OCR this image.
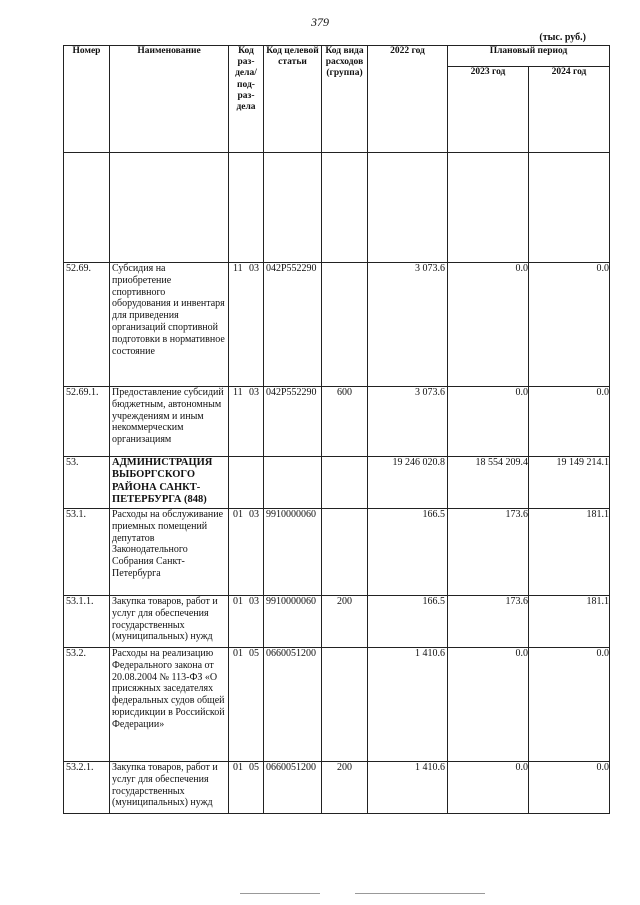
379
(тыс. руб.)
Номер	Наименование	Код раз-дела/ под-раз-дела	Код целевой статьи	Код вида расходов (группа)	2022 год	Плановый период	
						2023 год	2024 год

52.69.	Субсидия на приобретение спортивного оборудования и инвентаря для приведения организаций спортивной подготовки в нормативное состояние	11 03	042P552290		3 073.6	0.0	0.0
52.69.1.	Предоставление субсидий бюджетным, автономным учреждениям и иным некоммерческим организациям	11 03	042P552290	600	3 073.6	0.0	0.0
53.	АДМИНИСТРАЦИЯ ВЫБОРГСКОГО РАЙОНА САНКТ-ПЕТЕРБУРГА (848)				19 246 020.8	18 554 209.4	19 149 214.1
53.1.	Расходы на обслуживание приемных помещений депутатов Законодательного Собрания Санкт-Петербурга	01 03	9910000060		166.5	173.6	181.1
53.1.1.	Закупка товаров, работ и услуг для обеспечения государственных (муниципальных) нужд	01 03	9910000060	200	166.5	173.6	181.1
53.2.	Расходы на реализацию Федерального закона от 20.08.2004 № 113-ФЗ «О присяжных заседателях федеральных судов общей юрисдикции в Российской Федерации»	01 05	0660051200		1 410.6	0.0	0.0
53.2.1.	Закупка товаров, работ и услуг для обеспечения государственных (муниципальных) нужд	01 05	0660051200	200	1 410.6	0.0	0.0
